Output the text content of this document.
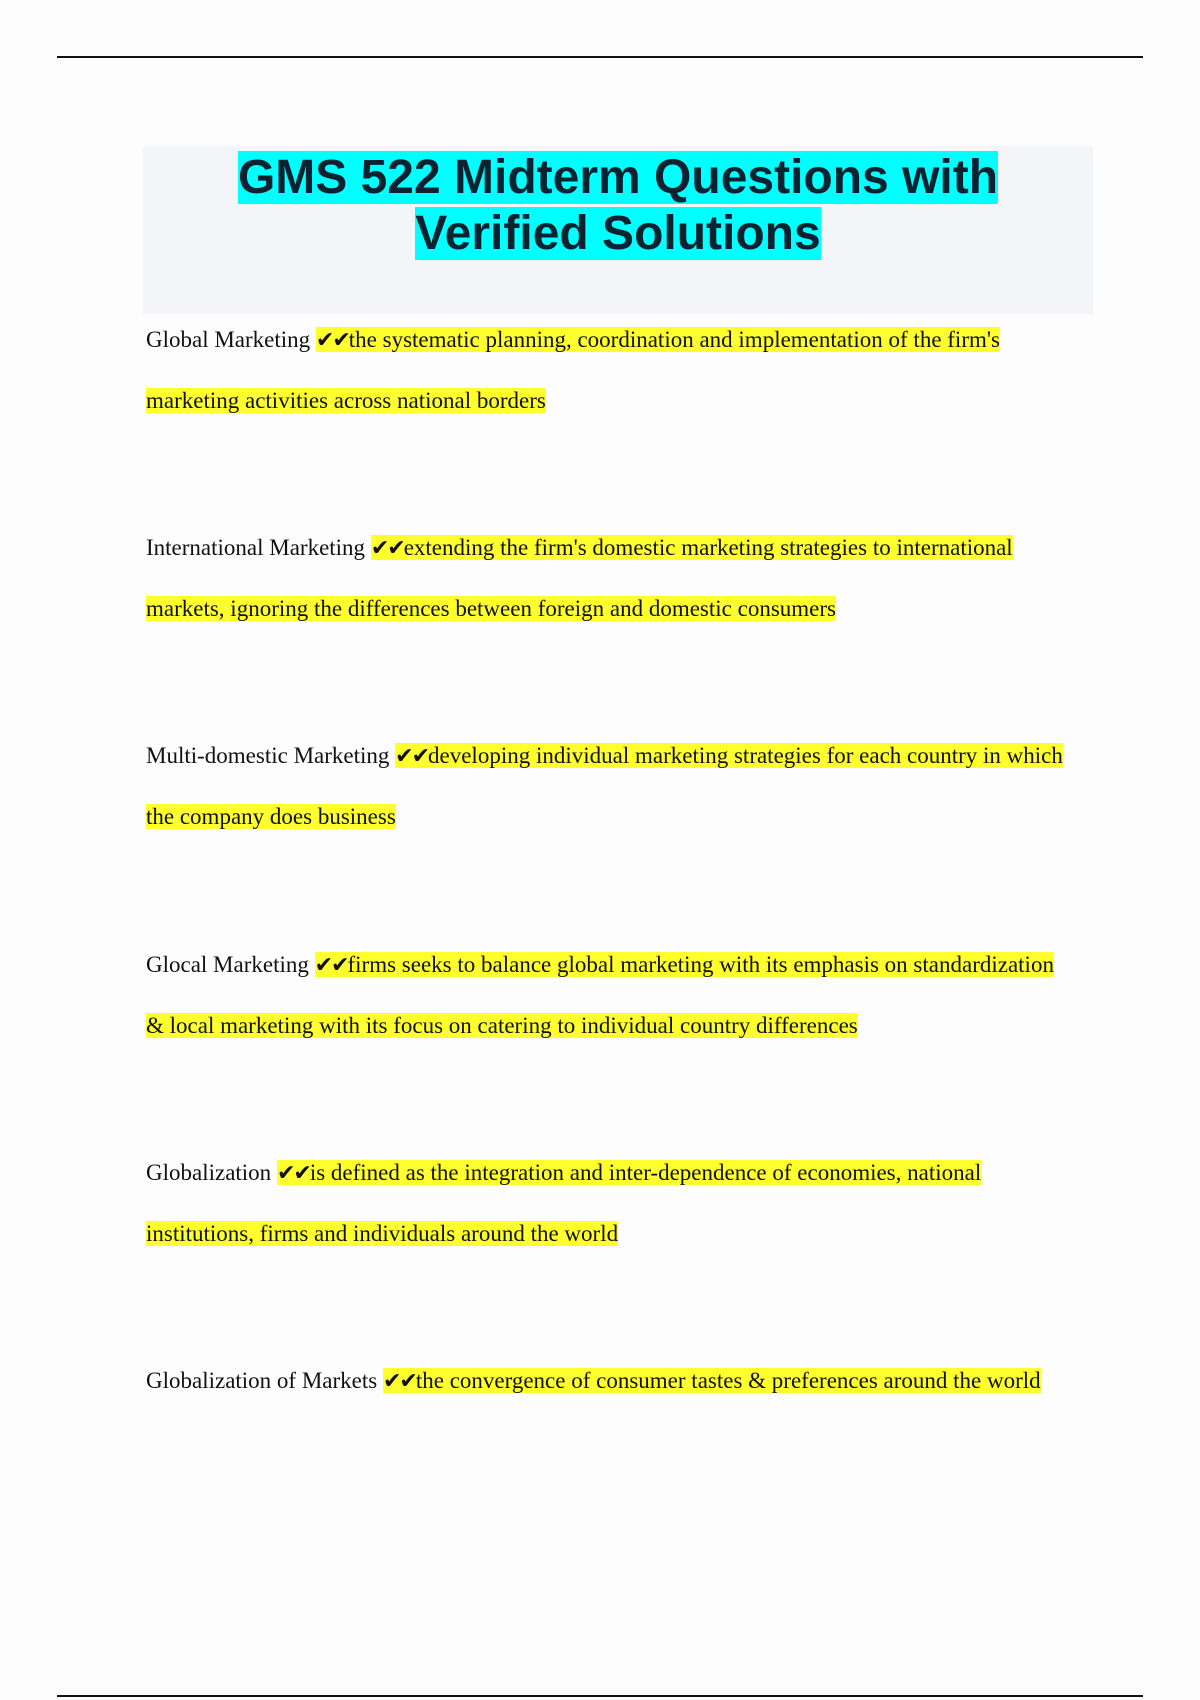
GMS 522 Midterm Questions with
Verified Solutions
Global Marketing ✔✔the systematic planning, coordination and implementation of the firm's marketing activities across national borders
International Marketing ✔✔extending the firm's domestic marketing strategies to international markets, ignoring the differences between foreign and domestic consumers
Multi-domestic Marketing ✔✔developing individual marketing strategies for each country in which the company does business
Glocal Marketing ✔✔firms seeks to balance global marketing with its emphasis on standardization & local marketing with its focus on catering to individual country differences
Globalization ✔✔is defined as the integration and inter-dependence of economies, national institutions, firms and individuals around the world
Globalization of Markets ✔✔the convergence of consumer tastes & preferences around the world
